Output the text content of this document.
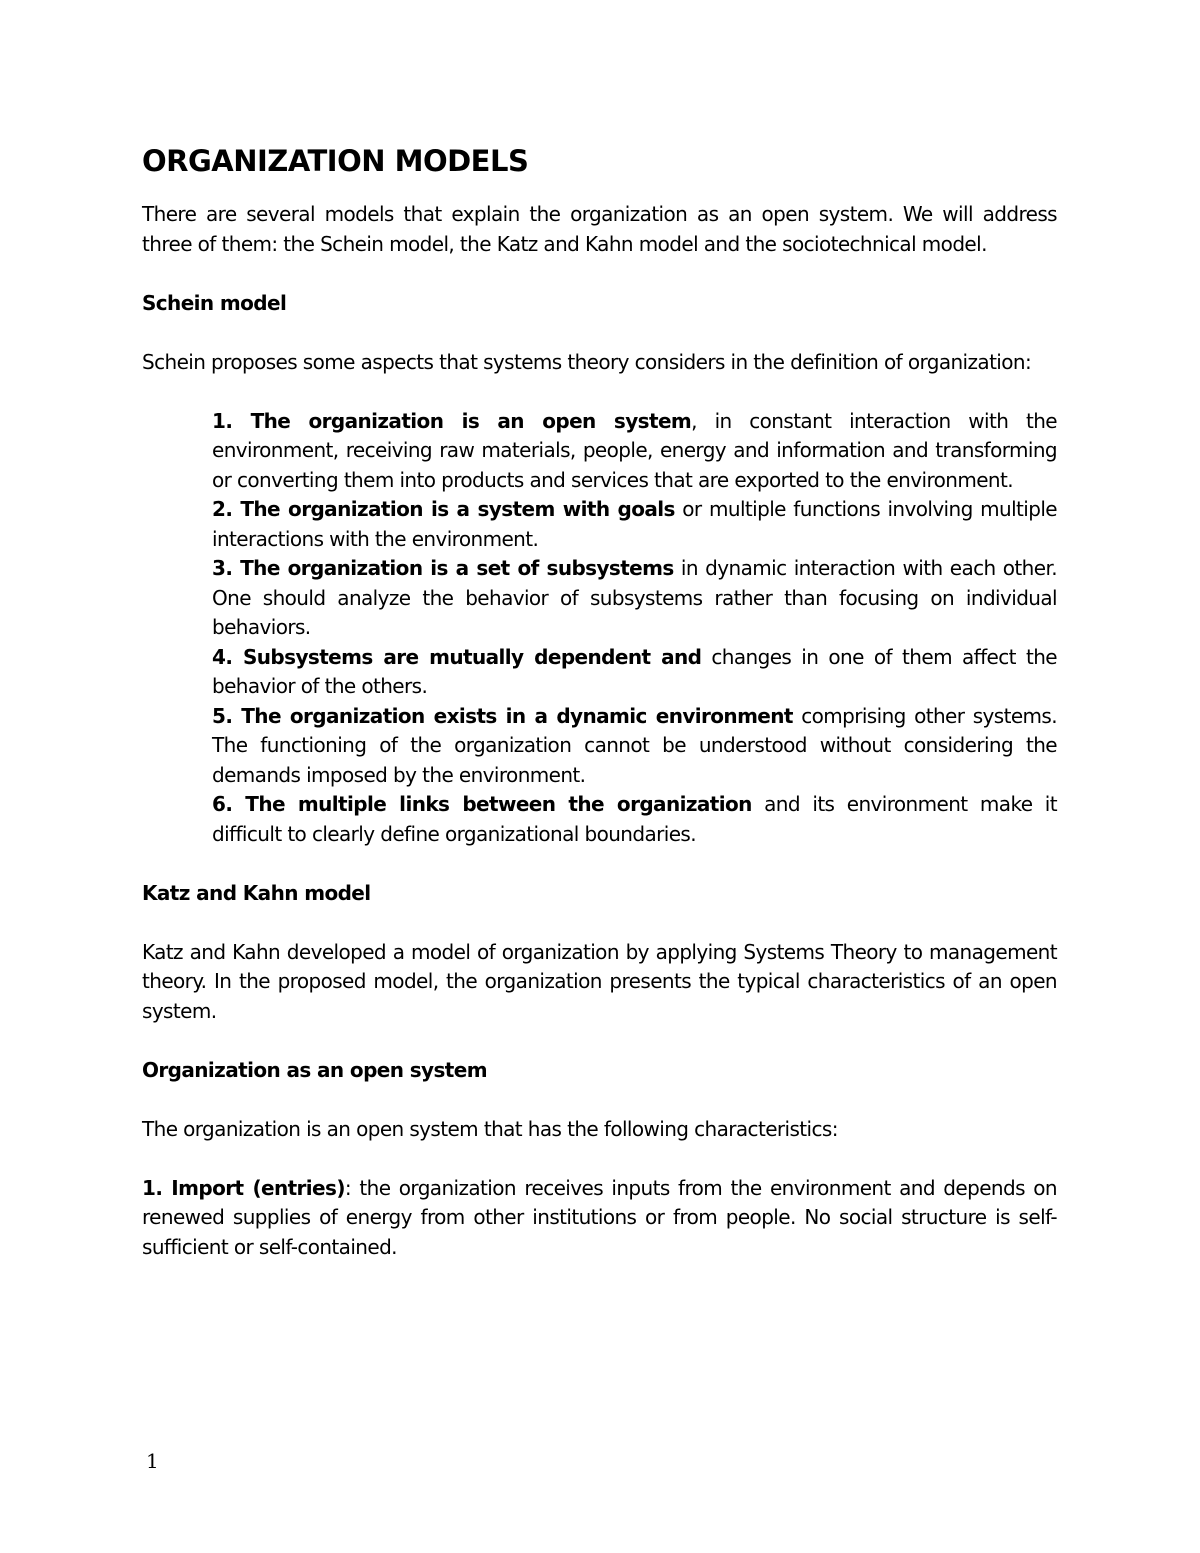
ORGANIZATION MODELS

There are several models that explain the organization as an open system. We will address three of them: the Schein model, the Katz and Kahn model and the sociotechnical model.

Schein model

Schein proposes some aspects that systems theory considers in the definition of organization:

1. The organization is an open system, in constant interaction with the environment, receiving raw materials, people, energy and information and transforming or converting them into products and services that are exported to the environment.
2. The organization is a system with goals or multiple functions involving multiple interactions with the environment.
3. The organization is a set of subsystems in dynamic interaction with each other. One should analyze the behavior of subsystems rather than focusing on individual behaviors.
4. Subsystems are mutually dependent and changes in one of them affect the behavior of the others.
5. The organization exists in a dynamic environment comprising other systems. The functioning of the organization cannot be understood without considering the demands imposed by the environment.
6. The multiple links between the organization and its environment make it difficult to clearly define organizational boundaries.

Katz and Kahn model

Katz and Kahn developed a model of organization by applying Systems Theory to management theory. In the proposed model, the organization presents the typical characteristics of an open system.

Organization as an open system

The organization is an open system that has the following characteristics:

1. Import (entries): the organization receives inputs from the environment and depends on renewed supplies of energy from other institutions or from people. No social structure is self-sufficient or self-contained.

1
